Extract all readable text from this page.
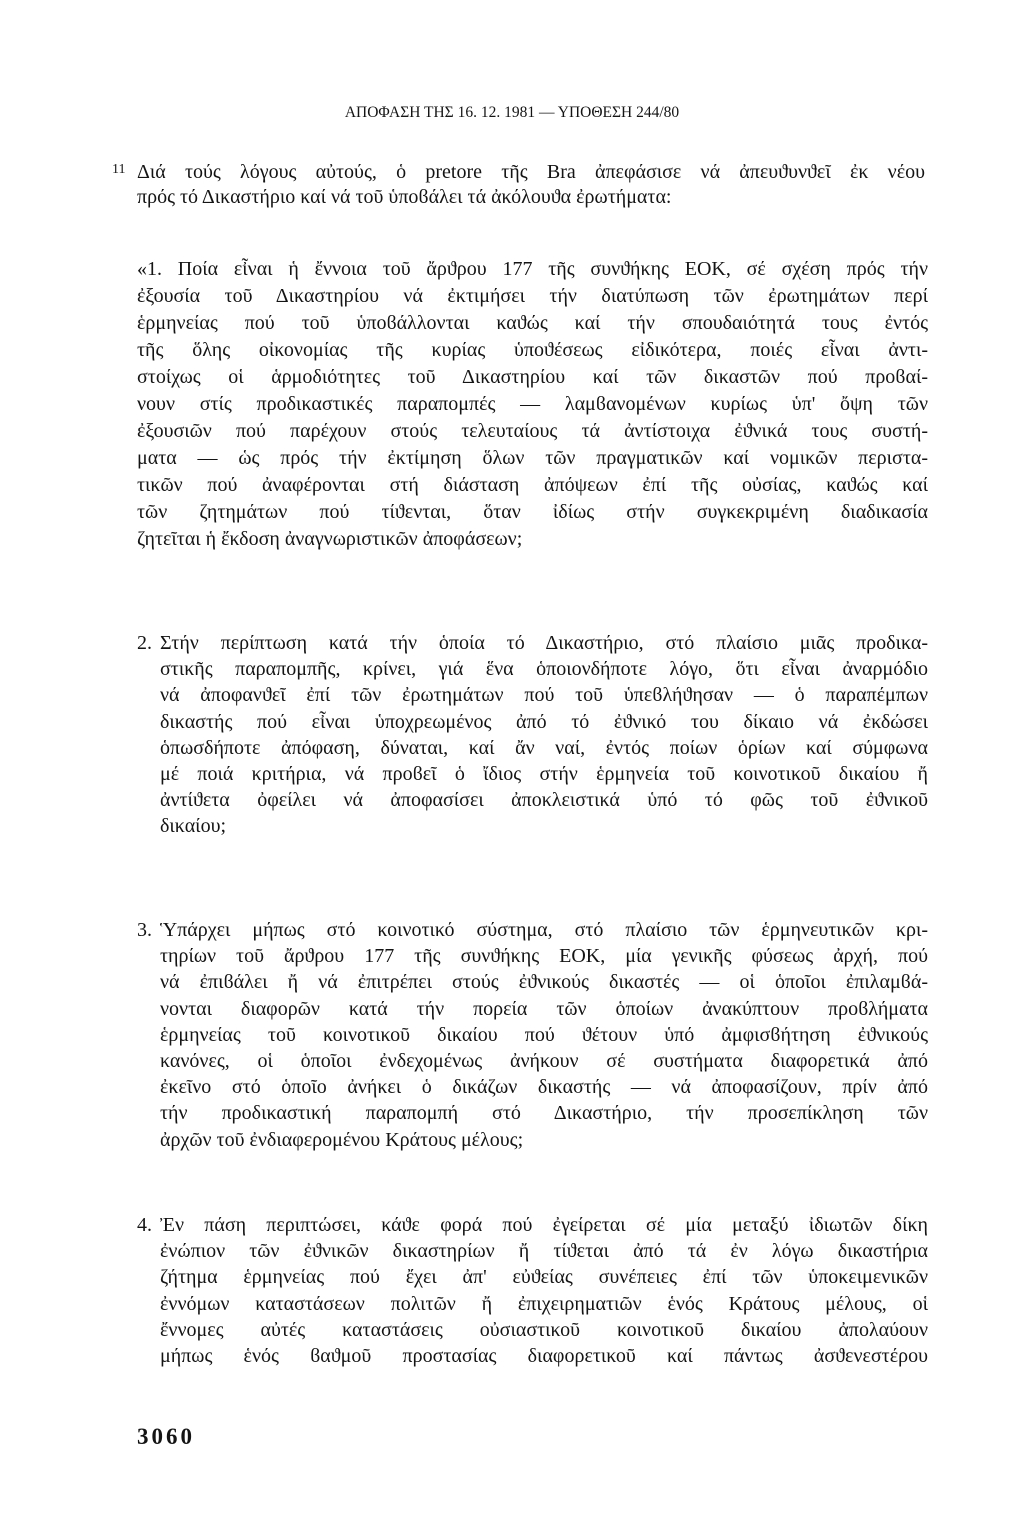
ΑΠΟΦΑΣΗ ΤΗΣ 16. 12. 1981 — ΥΠΟΘΕΣΗ 244/80
11 Διά τούς λόγους αὐτούς, ὁ pretore τῆς Bra ἀπεφάσισε νά ἀπευϑυνϑεῖ ἐκ νέου
πρός τό Δικαστήριο καί νά τοῦ ὑποϐάλει τά ἀκόλουϑα ἐρωτήματα:
«1. Ποία εἶναι ἡ ἔννοια τοῦ ἄρϑρου 177 τῆς συνϑήκης ΕΟΚ, σέ σχέση πρός τήν
ἐξουσία τοῦ Δικαστηρίου νά ἐκτιμήσει τήν διατύπωση τῶν ἐρωτημάτων περί
ἑρμηνείας πού τοῦ ὑποϐάλλονται καϑώς καί τήν σπουδαιότητά τους ἐντός
τῆς ὅλης οἰκονομίας τῆς κυρίας ὑποϑέσεως εἰδικότερα, ποιές εἶναι ἀντι-
στοίχως οἱ ἁρμοδιότητες τοῦ Δικαστηρίου καί τῶν δικαστῶν πού προϐαί-
νουν στίς προδικαστικές παραπομπές — λαμϐανομένων κυρίως ὑπ' ὄψη τῶν
ἐξουσιῶν πού παρέχουν στούς τελευταίους τά ἀντίστοιχα ἐϑνικά τους συστή-
ματα — ὡς πρός τήν ἐκτίμηση ὅλων τῶν πραγματικῶν καί νομικῶν περιστα-
τικῶν πού ἀναφέρονται στή διάσταση ἀπόψεων ἐπί τῆς οὐσίας, καϑώς καί
τῶν ζητημάτων πού τίϑενται, ὅταν ἰδίως στήν συγκεκριμένη διαδικασία
ζητεῖται ἡ ἔκδοση ἀναγνωριστικῶν ἀποφάσεων;
2. Στήν περίπτωση κατά τήν ὁποία τό Δικαστήριο, στό πλαίσιο μιᾶς προδικα-
στικῆς παραπομπῆς, κρίνει, γιά ἕνα ὁποιονδήποτε λόγο, ὅτι εἶναι ἀναρμόδιο
νά ἀποφανϑεῖ ἐπί τῶν ἐρωτημάτων πού τοῦ ὑπεϐλήϑησαν — ὁ παραπέμπων
δικαστής πού εἶναι ὑποχρεωμένος ἀπό τό ἐϑνικό του δίκαιο νά ἐκδώσει
ὁπωσδήποτε ἀπόφαση, δύναται, καί ἄν ναί, ἐντός ποίων ὁρίων καί σύμφωνα
μέ ποιά κριτήρια, νά προϐεῖ ὁ ἴδιος στήν ἑρμηνεία τοῦ κοινοτικοῦ δικαίου ἤ
ἀντίϑετα ὀφείλει νά ἀποφασίσει ἀποκλειστικά ὑπό τό φῶς τοῦ ἐϑνικοῦ
δικαίου;
3. Ὑπάρχει μήπως στό κοινοτικό σύστημα, στό πλαίσιο τῶν ἑρμηνευτικῶν κρι-
τηρίων τοῦ ἄρϑρου 177 τῆς συνϑήκης ΕΟΚ, μία γενικῆς φύσεως ἀρχή, πού
νά ἐπιϐάλει ἤ νά ἐπιτρέπει στούς ἐϑνικούς δικαστές — οἱ ὁποῖοι ἐπιλαμϐά-
νονται διαφορῶν κατά τήν πορεία τῶν ὁποίων ἀνακύπτουν προϐλήματα
ἑρμηνείας τοῦ κοινοτικοῦ δικαίου πού ϑέτουν ὑπό ἀμφισϐήτηση ἐϑνικούς
κανόνες, οἱ ὁποῖοι ἐνδεχομένως ἀνήκουν σέ συστήματα διαφορετικά ἀπό
ἐκεῖνο στό ὁποῖο ἀνήκει ὁ δικάζων δικαστής — νά ἀποφασίζουν, πρίν ἀπό
τήν προδικαστική παραπομπή στό Δικαστήριο, τήν προσεπίκληση τῶν
ἀρχῶν τοῦ ἐνδιαφερομένου Κράτους μέλους;
4. Ἐν πάση περιπτώσει, κάϑε φορά πού ἐγείρεται σέ μία μεταξύ ἰδιωτῶν δίκη
ἐνώπιον τῶν ἐϑνικῶν δικαστηρίων ἤ τίϑεται ἀπό τά ἐν λόγω δικαστήρια
ζήτημα ἑρμηνείας πού ἔχει ἀπ' εὐϑείας συνέπειες ἐπί τῶν ὑποκειμενικῶν
ἐννόμων καταστάσεων πολιτῶν ἤ ἐπιχειρηματιῶν ἑνός Κράτους μέλους, οἱ
ἔννομες αὐτές καταστάσεις οὐσιαστικοῦ κοινοτικοῦ δικαίου ἀπολαύουν
μήπως ἑνός ϐαϑμοῦ προστασίας διαφορετικοῦ καί πάντως ἀσϑενεστέρου
3060
